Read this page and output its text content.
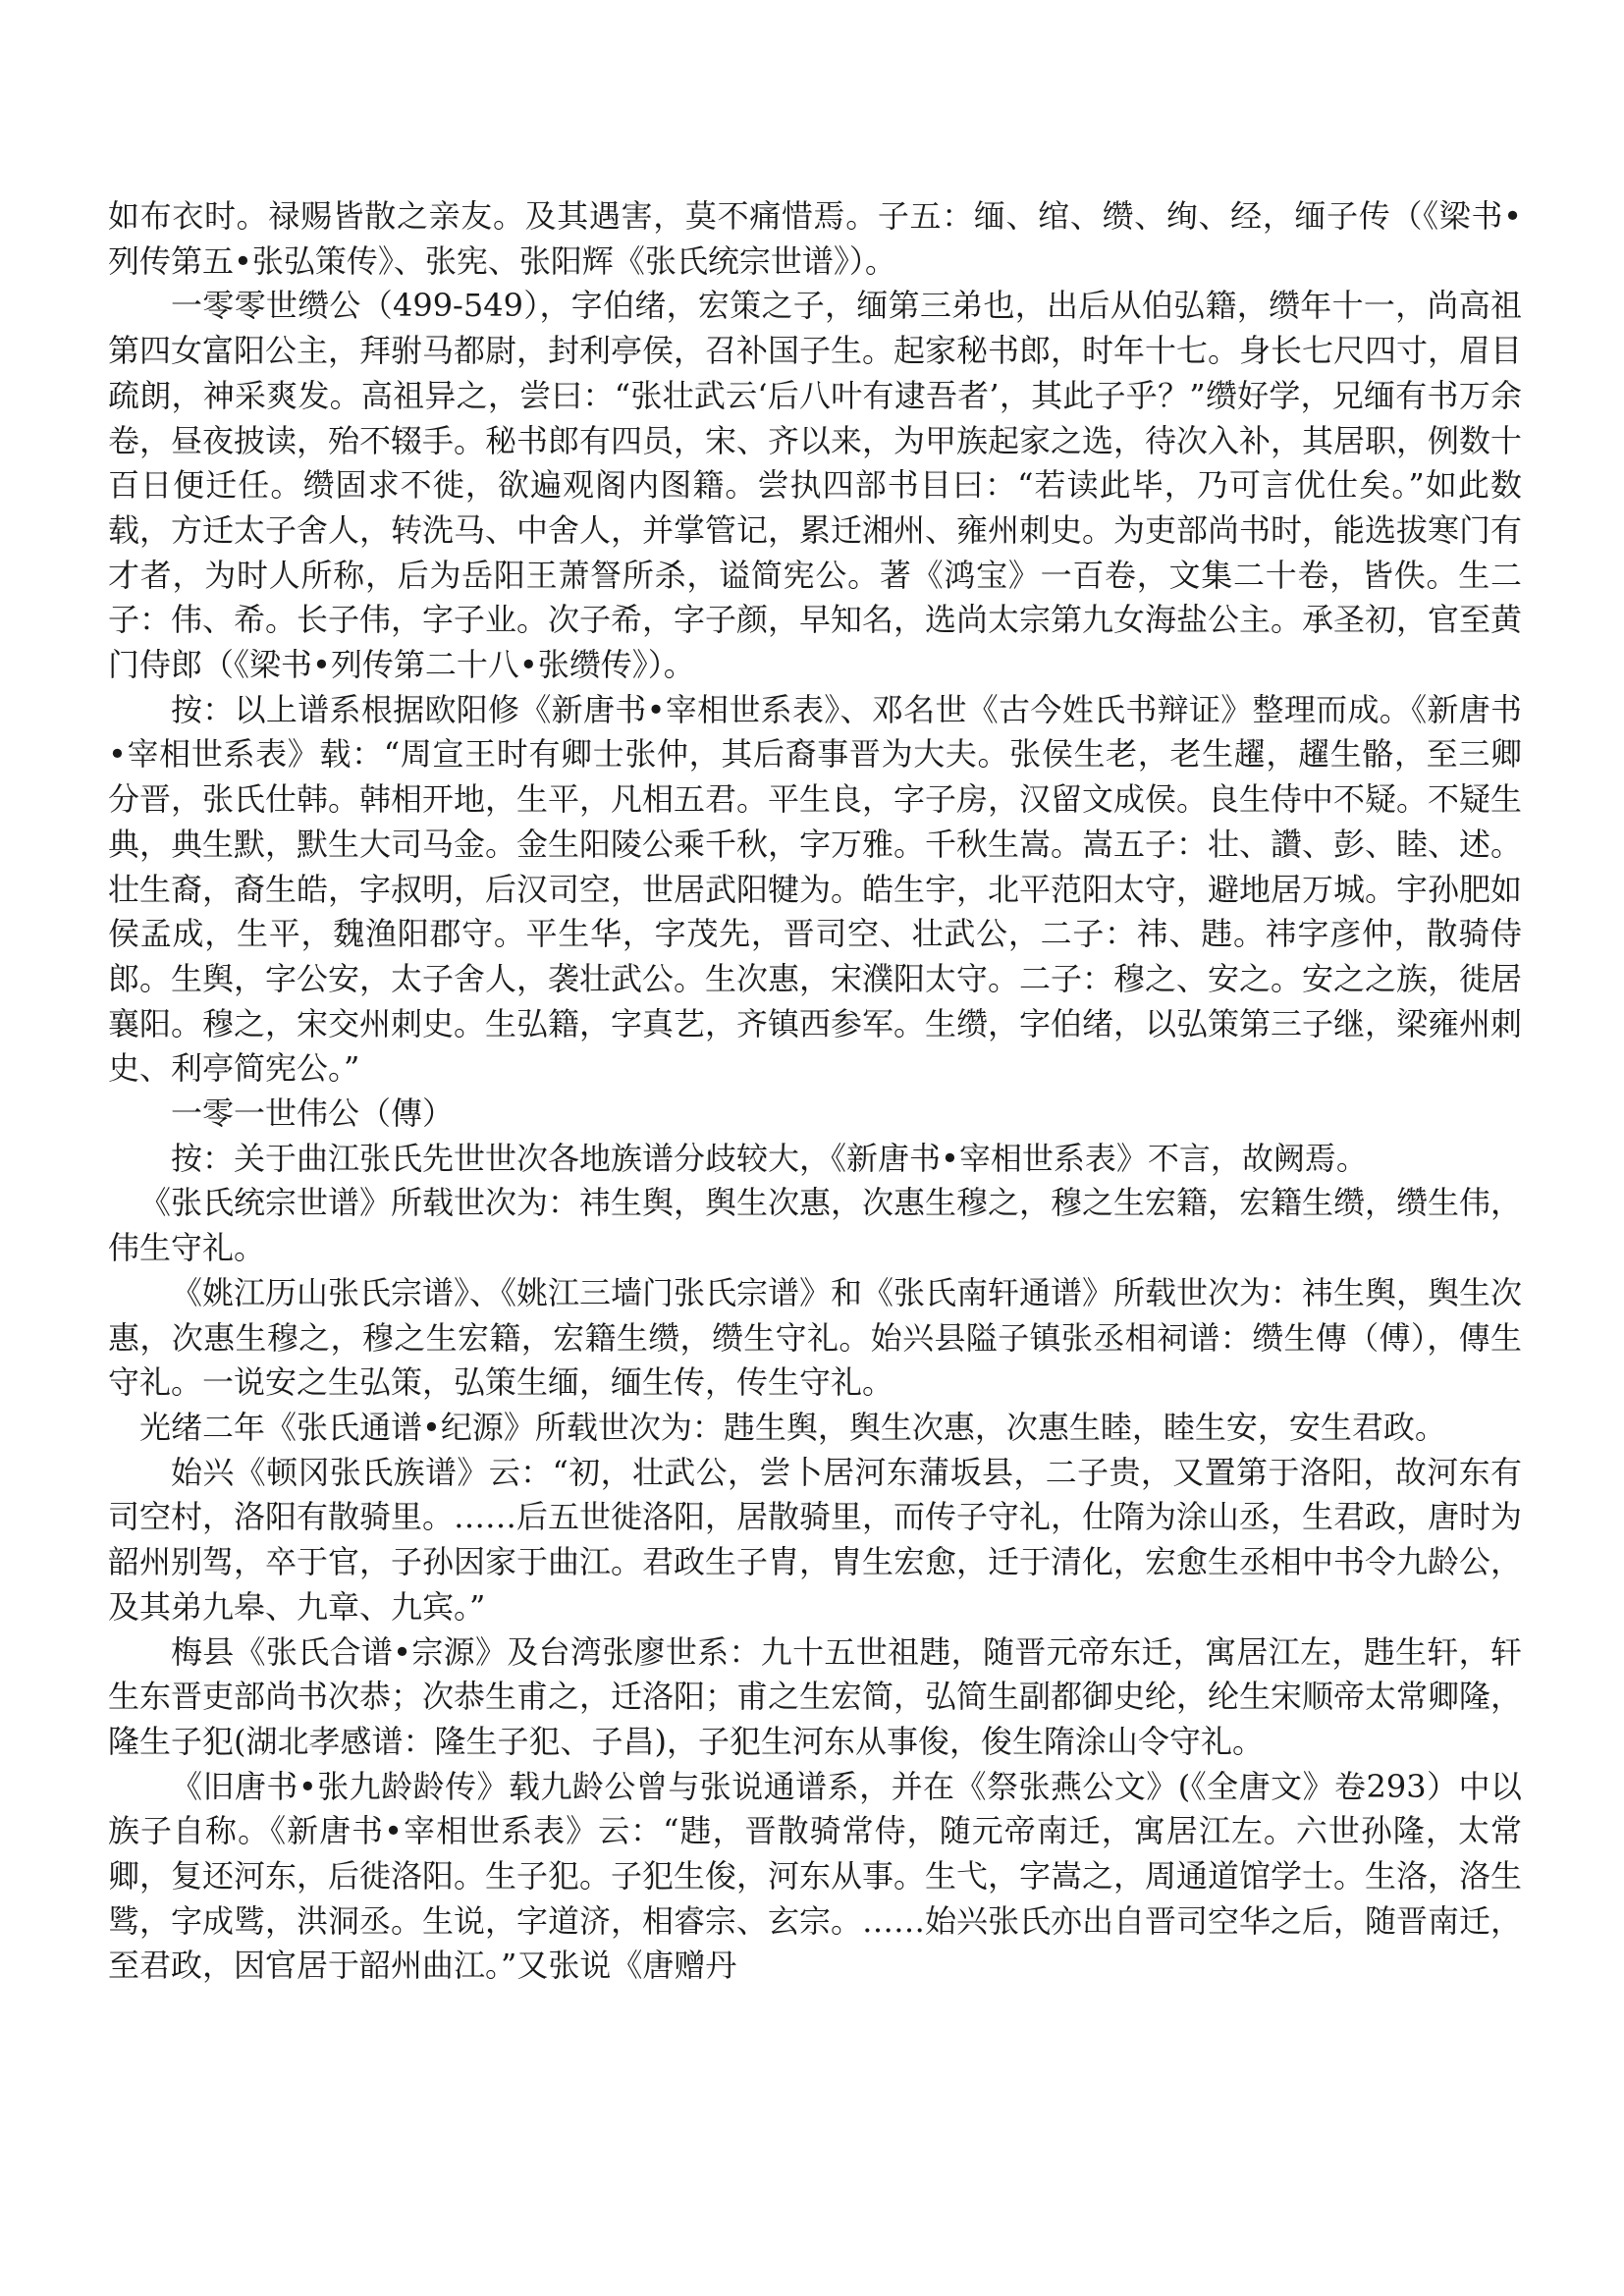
如布衣时。禄赐皆散之亲友。及其遇害，莫不痛惜焉。子五：缅、绾、缵、绚、经，缅子传（《梁书•列传第五•张弘策传》、张宪、张阳辉《张氏统宗世谱》）。

一零零世缵公（499-549），字伯绪，宏策之子，缅第三弟也，出后从伯弘籍，缵年十一，尚高祖第四女富阳公主，拜驸马都尉，封利亭侯，召补国子生。起家秘书郎，时年十七。身长七尺四寸，眉目疏朗，神采爽发。高祖异之，尝曰：“张壮武云‘后八叶有逮吾者’，其此子乎？”缵好学，兄缅有书万余卷，昼夜披读，殆不辍手。秘书郎有四员，宋、齐以来，为甲族起家之选，待次入补，其居职，例数十百日便迁任。缵固求不徙，欲遍观阁内图籍。尝执四部书目曰：“若读此毕，乃可言优仕矣。”如此数载，方迁太子舍人，转洗马、中舍人，并掌管记，累迁湘州、雍州刺史。为吏部尚书时，能选拔寒门有才者，为时人所称，后为岳阳王萧詧所杀，谥简宪公。著《鸿宝》一百卷，文集二十卷，皆佚。生二子：伟、希。长子伟，字子业。次子希，字子颜，早知名，选尚太宗第九女海盐公主。承圣初，官至黄门侍郎（《梁书•列传第二十八•张缵传》）。

按：以上谱系根据欧阳修《新唐书•宰相世系表》、邓名世《古今姓氏书辩证》整理而成。《新唐书•宰相世系表》载：“周宣王时有卿士张仲，其后裔事晋为大夫。张侯生老，老生趯，趯生骼，至三卿分晋，张氏仕韩。韩相开地，生平，凡相五君。平生良，字子房，汉留文成侯。良生侍中不疑。不疑生典，典生默，默生大司马金。金生阳陵公乘千秋，字万雅。千秋生嵩。嵩五子：壮、讚、彭、睦、述。壮生裔，裔生皓，字叔明，后汉司空，世居武阳犍为。皓生宇，北平范阳太守，避地居万城。宇孙肥如侯孟成，生平，魏渔阳郡守。平生华，字茂先，晋司空、壮武公，二子：祎、韪。祎字彦仲，散骑侍郎。生舆，字公安，太子舍人，袭壮武公。生次惠，宋濮阳太守。二子：穆之、安之。安之之族，徙居襄阳。穆之，宋交州刺史。生弘籍，字真艺，齐镇西参军。生缵，字伯绪，以弘策第三子继，梁雍州刺史、利亭简宪公。”

一零一世伟公（傳）

按：关于曲江张氏先世世次各地族谱分歧较大，《新唐书•宰相世系表》不言，故阙焉。

《张氏统宗世谱》所载世次为：祎生舆，舆生次惠，次惠生穆之，穆之生宏籍，宏籍生缵，缵生伟，伟生守礼。

《姚江历山张氏宗谱》、《姚江三墙门张氏宗谱》和《张氏南轩通谱》所载世次为：祎生舆，舆生次惠，次惠生穆之，穆之生宏籍，宏籍生缵，缵生守礼。始兴县隘子镇张丞相祠谱：缵生傳（傅），傳生守礼。一说安之生弘策，弘策生缅，缅生传，传生守礼。

光绪二年《张氏通谱•纪源》所载世次为：韪生舆，舆生次惠，次惠生睦，睦生安，安生君政。

始兴《顿冈张氏族谱》云：“初，壮武公，尝卜居河东蒲坂县，二子贵，又置第于洛阳，故河东有司空村，洛阳有散骑里。……后五世徙洛阳，居散骑里，而传子守礼，仕隋为涂山丞，生君政，唐时为韶州别驾，卒于官，子孙因家于曲江。君政生子胄，胄生宏愈，迁于清化，宏愈生丞相中书令九龄公，及其弟九皋、九章、九宾。”

梅县《张氏合谱•宗源》及台湾张廖世系：九十五世祖韪，随晋元帝东迁，寓居江左，韪生轩，轩生东晋吏部尚书次恭；次恭生甫之，迁洛阳；甫之生宏简，弘简生副都御史纶，纶生宋顺帝太常卿隆，隆生子犯(湖北孝感谱：隆生子犯、子昌)，子犯生河东从事俊，俊生隋涂山令守礼。

《旧唐书•张九龄龄传》载九龄公曾与张说通谱系，并在《祭张燕公文》(《全唐文》卷293）中以族子自称。《新唐书•宰相世系表》云：“韪，晋散骑常侍，随元帝南迁，寓居江左。六世孙隆，太常卿，复还河东，后徙洛阳。生子犯。子犯生俊，河东从事。生弋，字嵩之，周通道馆学士。生洛，洛生骘，字成骘，洪洞丞。生说，字道济，相睿宗、玄宗。……始兴张氏亦出自晋司空华之后，随晋南迁，至君政，因官居于韶州曲江。”又张说《唐赠丹
